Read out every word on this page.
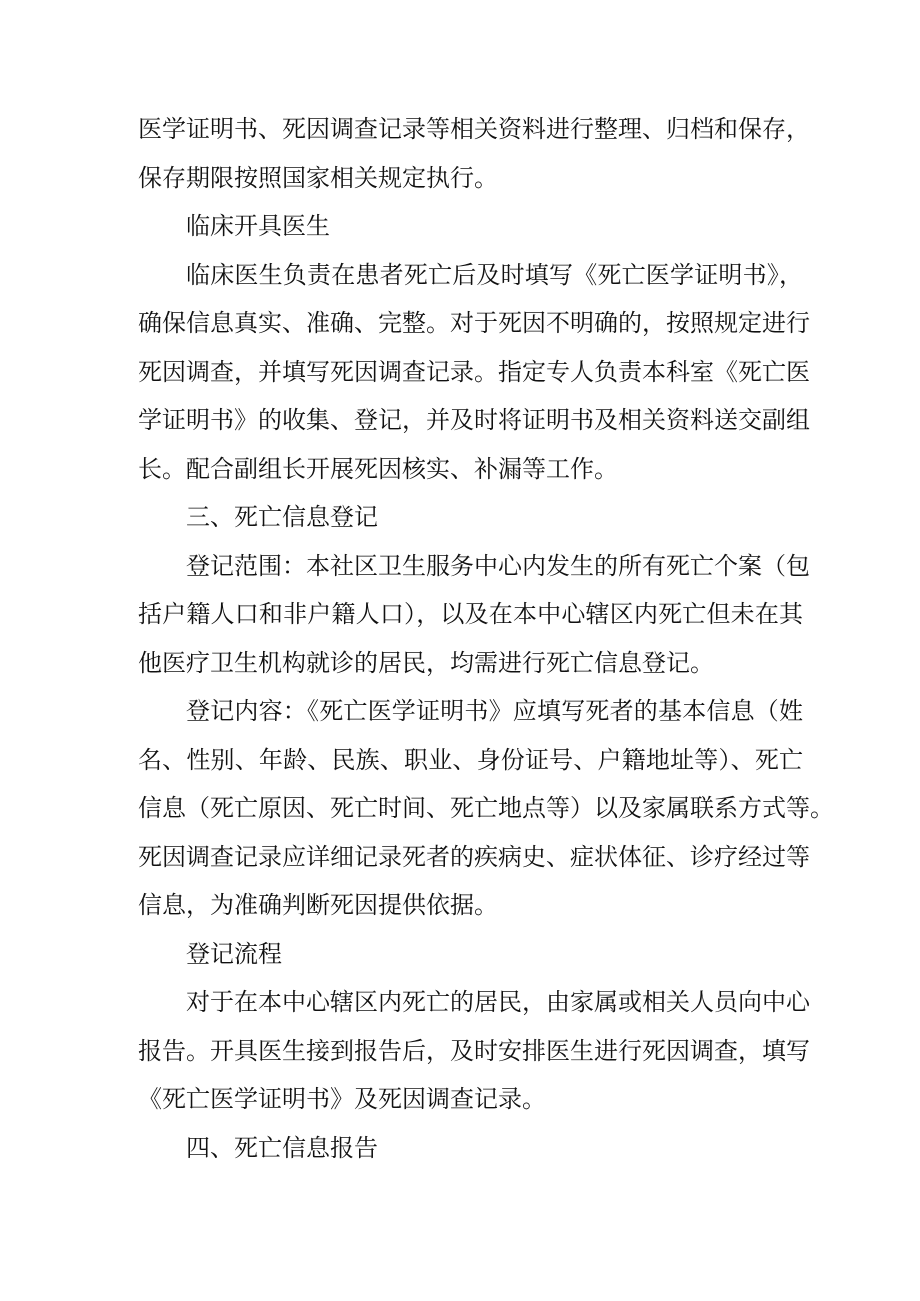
医学证明书、死因调查记录等相关资料进行整理、归档和保存，
保存期限按照国家相关规定执行。
临床开具医生
临床医生负责在患者死亡后及时填写《死亡医学证明书》，
确保信息真实、准确、完整。对于死因不明确的，按照规定进行
死因调查，并填写死因调查记录。指定专人负责本科室《死亡医
学证明书》的收集、登记，并及时将证明书及相关资料送交副组
长。配合副组长开展死因核实、补漏等工作。
三、死亡信息登记
登记范围：本社区卫生服务中心内发生的所有死亡个案（包
括户籍人口和非户籍人口），以及在本中心辖区内死亡但未在其
他医疗卫生机构就诊的居民，均需进行死亡信息登记。
登记内容：《死亡医学证明书》应填写死者的基本信息（姓
名、性别、年龄、民族、职业、身份证号、户籍地址等）、死亡
信息（死亡原因、死亡时间、死亡地点等）以及家属联系方式等。
死因调查记录应详细记录死者的疾病史、症状体征、诊疗经过等
信息，为准确判断死因提供依据。
登记流程
对于在本中心辖区内死亡的居民，由家属或相关人员向中心
报告。开具医生接到报告后，及时安排医生进行死因调查，填写
《死亡医学证明书》及死因调查记录。
四、死亡信息报告
